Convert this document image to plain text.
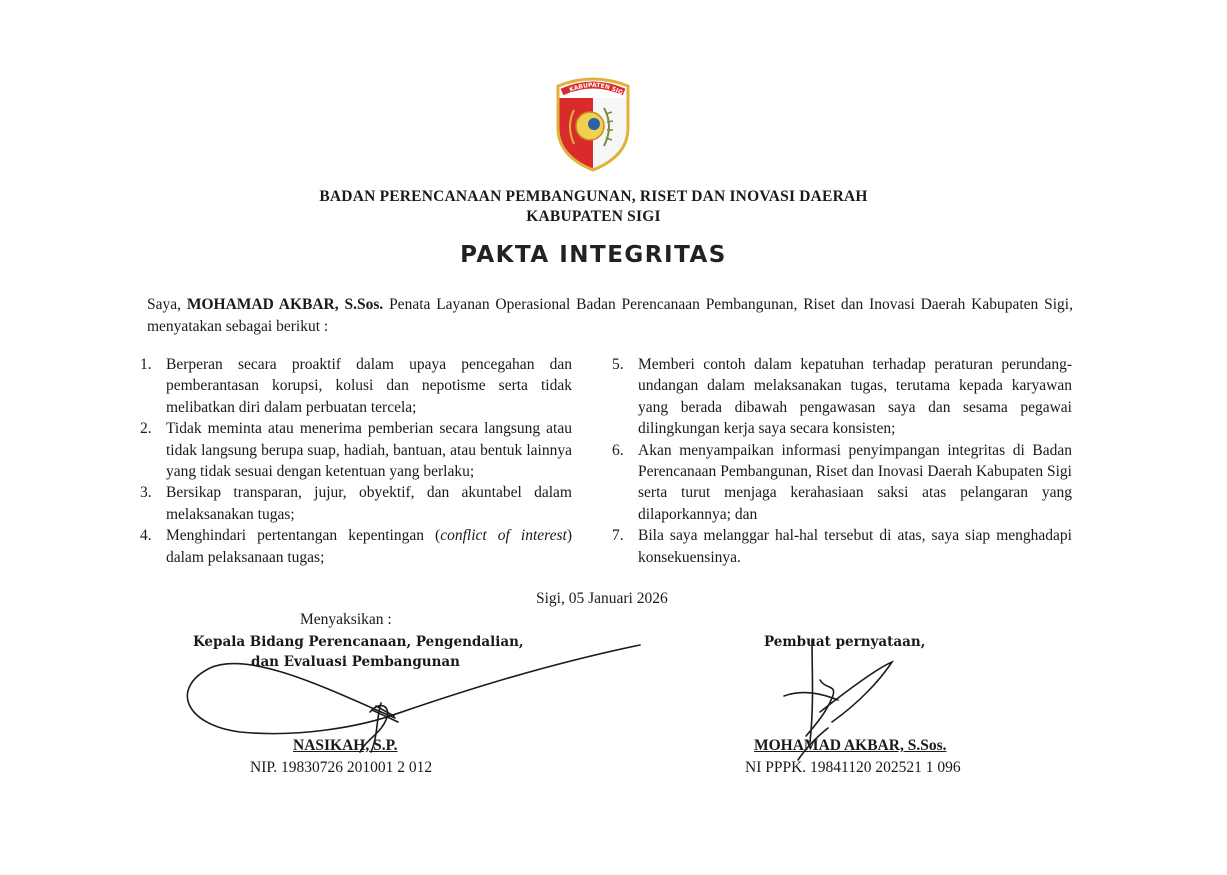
KABUPATEN SIG
BADAN PERENCANAAN PEMBANGUNAN, RISET DAN INOVASI DAERAH
KABUPATEN SIGI
PAKTA INTEGRITAS
Saya, MOHAMAD AKBAR, S.Sos. Penata Layanan Operasional Badan Perencanaan Pembangunan, Riset dan Inovasi Daerah Kabupaten Sigi, menyatakan sebagai berikut :
1. Berperan secara proaktif dalam upaya pencegahan dan pemberantasan korupsi, kolusi dan nepotisme serta tidak melibatkan diri dalam perbuatan tercela;
2. Tidak meminta atau menerima pemberian secara langsung atau tidak langsung berupa suap, hadiah, bantuan, atau bentuk lainnya yang tidak sesuai dengan ketentuan yang berlaku;
3. Bersikap transparan, jujur, obyektif, dan akuntabel dalam melaksanakan tugas;
4. Menghindari pertentangan kepentingan (conflict of interest) dalam pelaksanaan tugas;
5. Memberi contoh dalam kepatuhan terhadap peraturan perundang-undangan dalam melaksanakan tugas, terutama kepada karyawan yang berada dibawah pengawasan saya dan sesama pegawai dilingkungan kerja saya secara konsisten;
6. Akan menyampaikan informasi penyimpangan integritas di Badan Perencanaan Pembangunan, Riset dan Inovasi Daerah Kabupaten Sigi serta turut menjaga kerahasiaan saksi atas pelangaran yang dilaporkannya; dan
7. Bila saya melanggar hal-hal tersebut di atas, saya siap menghadapi konsekuensinya.
Sigi, 05 Januari 2026
Menyaksikan :
Kepala Bidang Perencanaan, Pengendalian,
dan Evaluasi Pembangunan
NASIKAH, S.P.
NIP. 19830726 201001 2 012
Pembuat pernyataan,
MOHAMAD AKBAR, S.Sos.
NI PPPK. 19841120 202521 1 096
